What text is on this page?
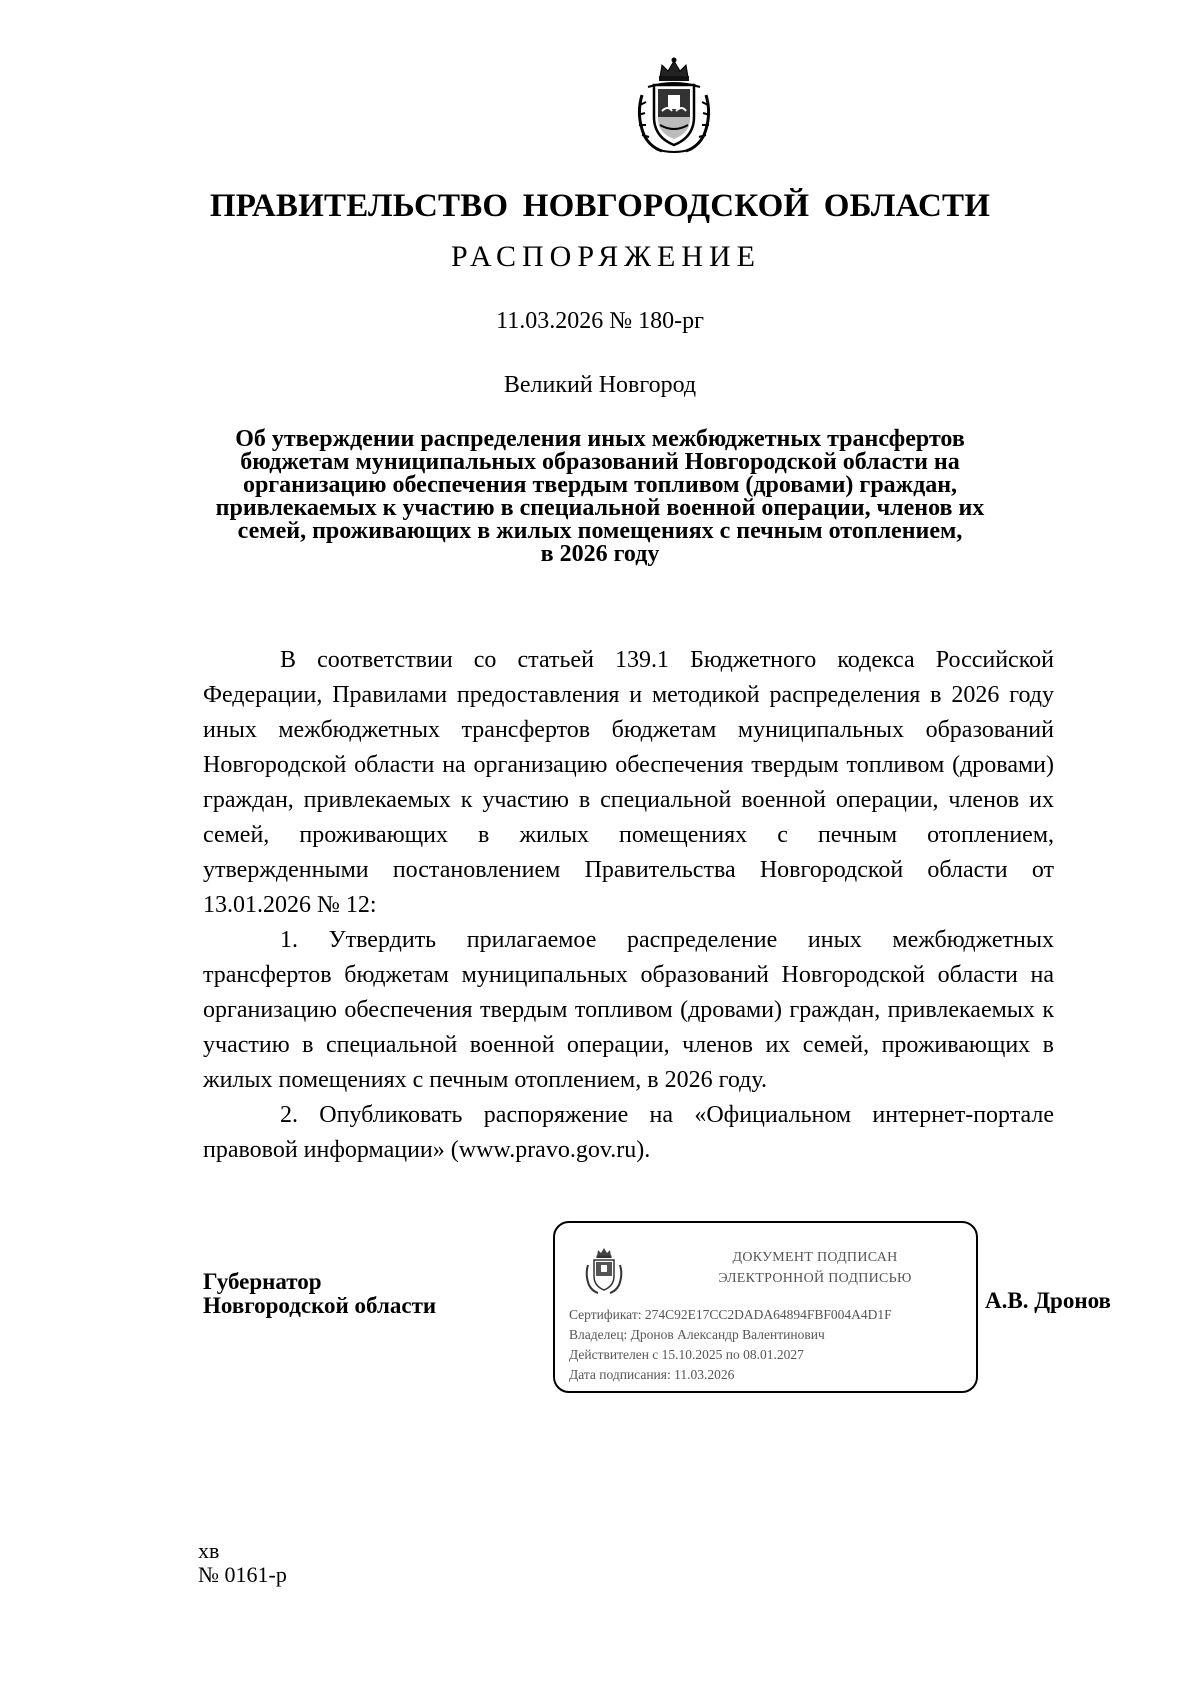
ПРАВИТЕЛЬСТВО НОВГОРОДСКОЙ ОБЛАСТИ
РАСПОРЯЖЕНИЕ
11.03.2026 № 180-рг
Великий Новгород
Об утверждении распределения иных межбюджетных трансфертов
бюджетам муниципальных образований Новгородской области на
организацию обеспечения твердым топливом (дровами) граждан,
привлекаемых к участию в специальной военной операции, членов их
семей, проживающих в жилых помещениях с печным отоплением,
в 2026 году

В соответствии со статьей 139.1 Бюджетного кодекса Российской Федерации, Правилами предоставления и методикой распределения в 2026 году иных межбюджетных трансфертов бюджетам муниципальных образований Новгородской области на организацию обеспечения твердым топливом (дровами) граждан, привлекаемых к участию в специальной военной операции, членов их семей, проживающих в жилых помещениях с печным отоплением, утвержденными постановлением Правительства Новгородской области от 13.01.2026 № 12:

1. Утвердить прилагаемое распределение иных межбюджетных трансфертов бюджетам муниципальных образований Новгородской области на организацию обеспечения твердым топливом (дровами) граждан, привлекаемых к участию в специальной военной операции, членов их семей, проживающих в жилых помещениях с печным отоплением, в 2026 году.

2. Опубликовать распоряжение на «Официальном интернет-портале правовой информации» (www.pravo.gov.ru).

Губернатор
Новгородской области
ДОКУМЕНТ ПОДПИСАН
ЭЛЕКТРОННОЙ ПОДПИСЬЮ
Сертификат: 274C92E17CC2DADA64894FBF004A4D1F
Владелец: Дронов Александр Валентинович
Действителен с 15.10.2025 по 08.01.2027
Дата подписания: 11.03.2026
А.В. Дронов
хв
№ 0161-р
